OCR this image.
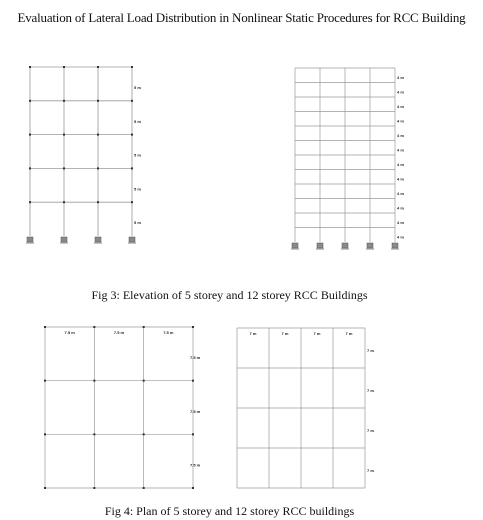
Evaluation of Lateral Load Distribution in Nonlinear Static Procedures for RCC Building
5 m
5 m
5 m
5 m
5 m
4 m
4 m
4 m
4 m
4 m
4 m
4 m
4 m
4 m
4 m
4 m
4 m
7.5 m	7.5 m	7.5 m
7.5 m
7.5 m
7.5 m
7 m	7 m	7 m	7 m
7 m
7 m
7 m
7 m
Fig 3: Elevation of 5 storey and 12 storey RCC Buildings
Fig 4: Plan of 5 storey and 12 storey RCC buildings
